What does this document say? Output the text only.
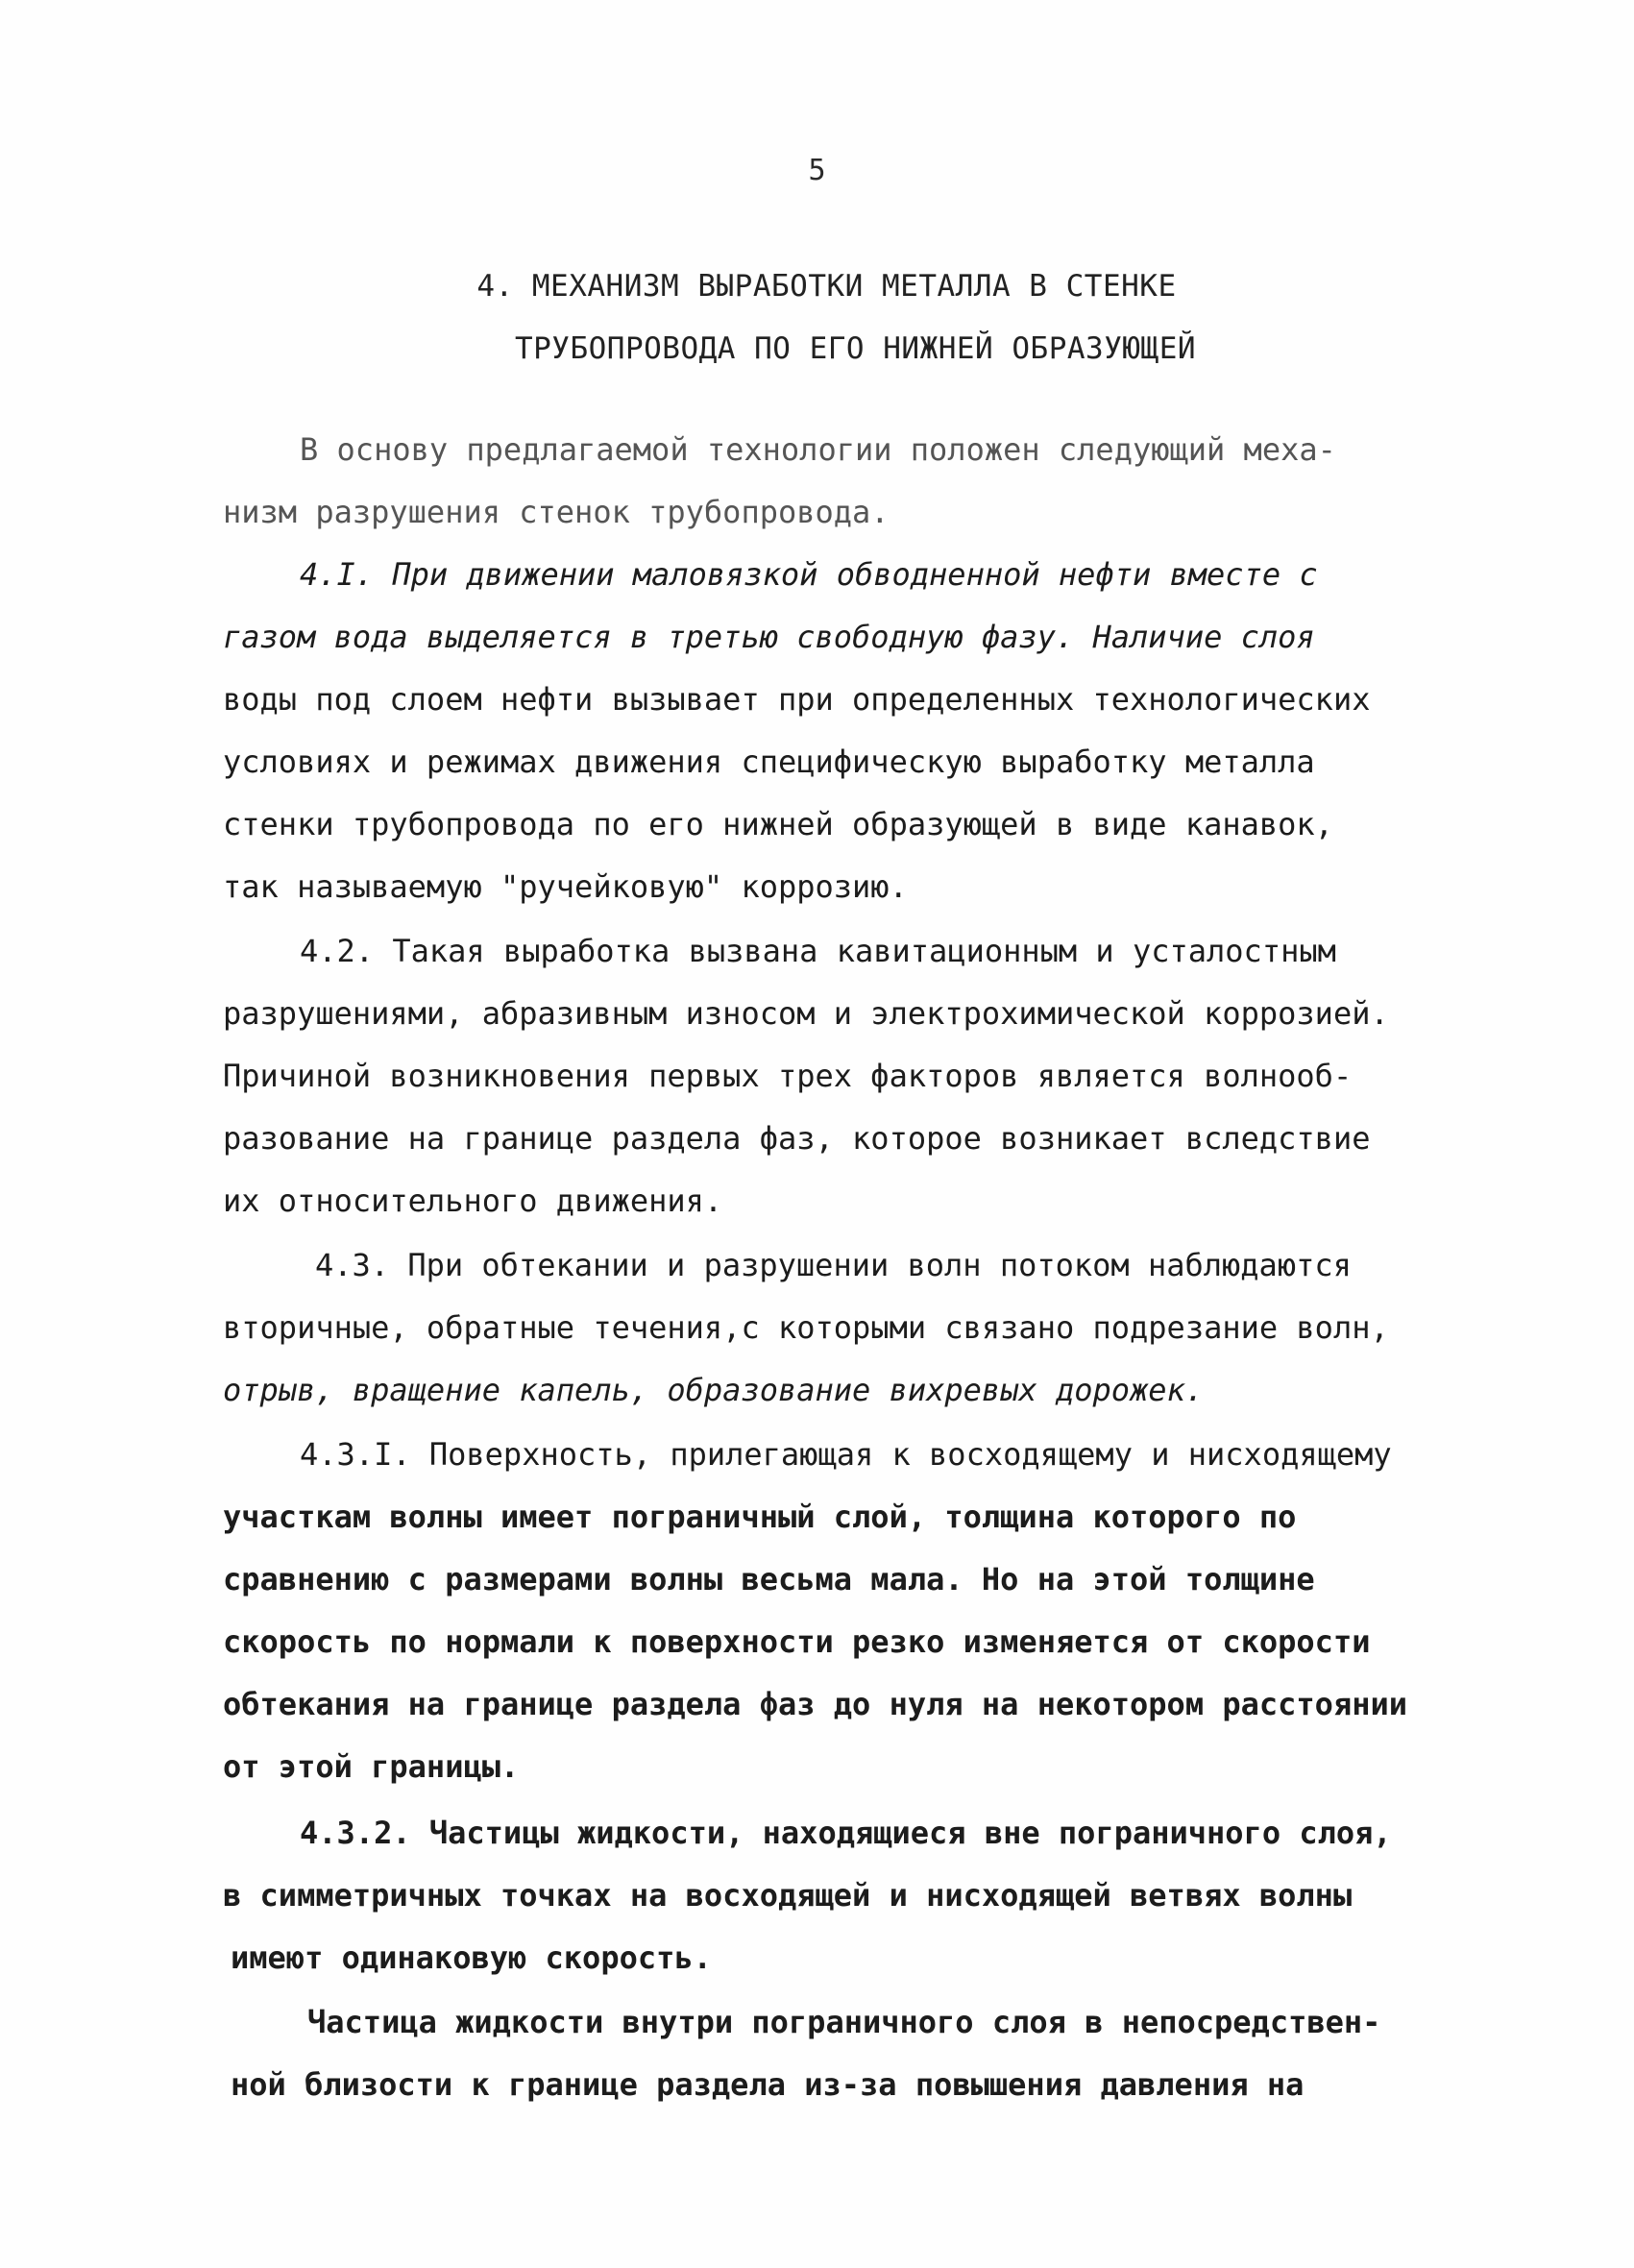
5
4. МЕХАНИЗМ ВЫРАБОТКИ МЕТАЛЛА В СТЕНКЕ
ТРУБОПРОВОДА ПО ЕГО НИЖНЕЙ ОБРАЗУЮЩЕЙ
В основу предлагаемой технологии положен следующий меха-
низм разрушения стенок трубопровода.
4.I. При движении маловязкой обводненной нефти вместе с
газом вода выделяется в третью свободную фазу. Наличие слоя
воды под слоем нефти вызывает при определенных технологических
условиях и режимах движения специфическую выработку металла
стенки трубопровода по его нижней образующей в виде канавок,
так называемую "ручейковую" коррозию.
4.2. Такая выработка вызвана кавитационным и усталостным
разрушениями, абразивным износом и электрохимической коррозией.
Причиной возникновения первых трех факторов является волнооб-
разование на границе раздела фаз, которое возникает вследствие
их относительного движения.
4.3. При обтекании и разрушении волн потоком наблюдаются
вторичные, обратные течения,с которыми связано подрезание волн,
отрыв, вращение капель, образование вихревых дорожек.
4.3.I. Поверхность, прилегающая к восходящему и нисходящему
участкам волны имеет пограничный слой, толщина которого по
сравнению с размерами волны весьма мала. Но на этой толщине
скорость по нормали к поверхности резко изменяется от скорости
обтекания на границе раздела фаз до нуля на некотором расстоянии
от этой границы.
4.3.2. Частицы жидкости, находящиеся вне пограничного слоя,
в симметричных точках на восходящей и нисходящей ветвях волны
имеют одинаковую скорость.
Частица жидкости внутри пограничного слоя в непосредствен-
ной близости к границе раздела из-за повышения давления на
